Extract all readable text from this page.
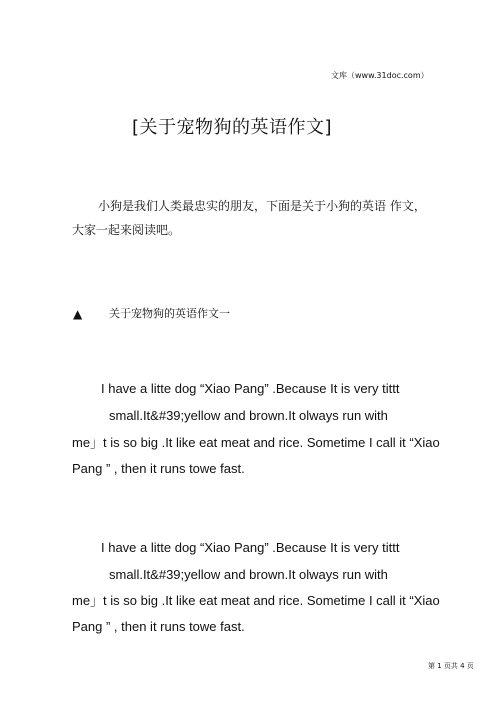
文库（www.31doc.com）
[关于宠物狗的英语作文]
小狗是我们人类最忠实的朋友，下面是关于小狗的英语 作文，
大家一起来阅读吧。
▲ 关于宠物狗的英语作文一
I have a litte dog “Xiao Pang” .Because It is very tittt
small.It&#39;yellow and brown.It olways run with
me」t is so big .It like eat meat and rice. Sometime I call it “Xiao
Pang ” , then it runs towe fast.
I have a litte dog “Xiao Pang” .Because It is very tittt
small.It&#39;yellow and brown.It olways run with
me」t is so big .It like eat meat and rice. Sometime I call it “Xiao
Pang ” , then it runs towe fast.
第 1 页共 4 页
